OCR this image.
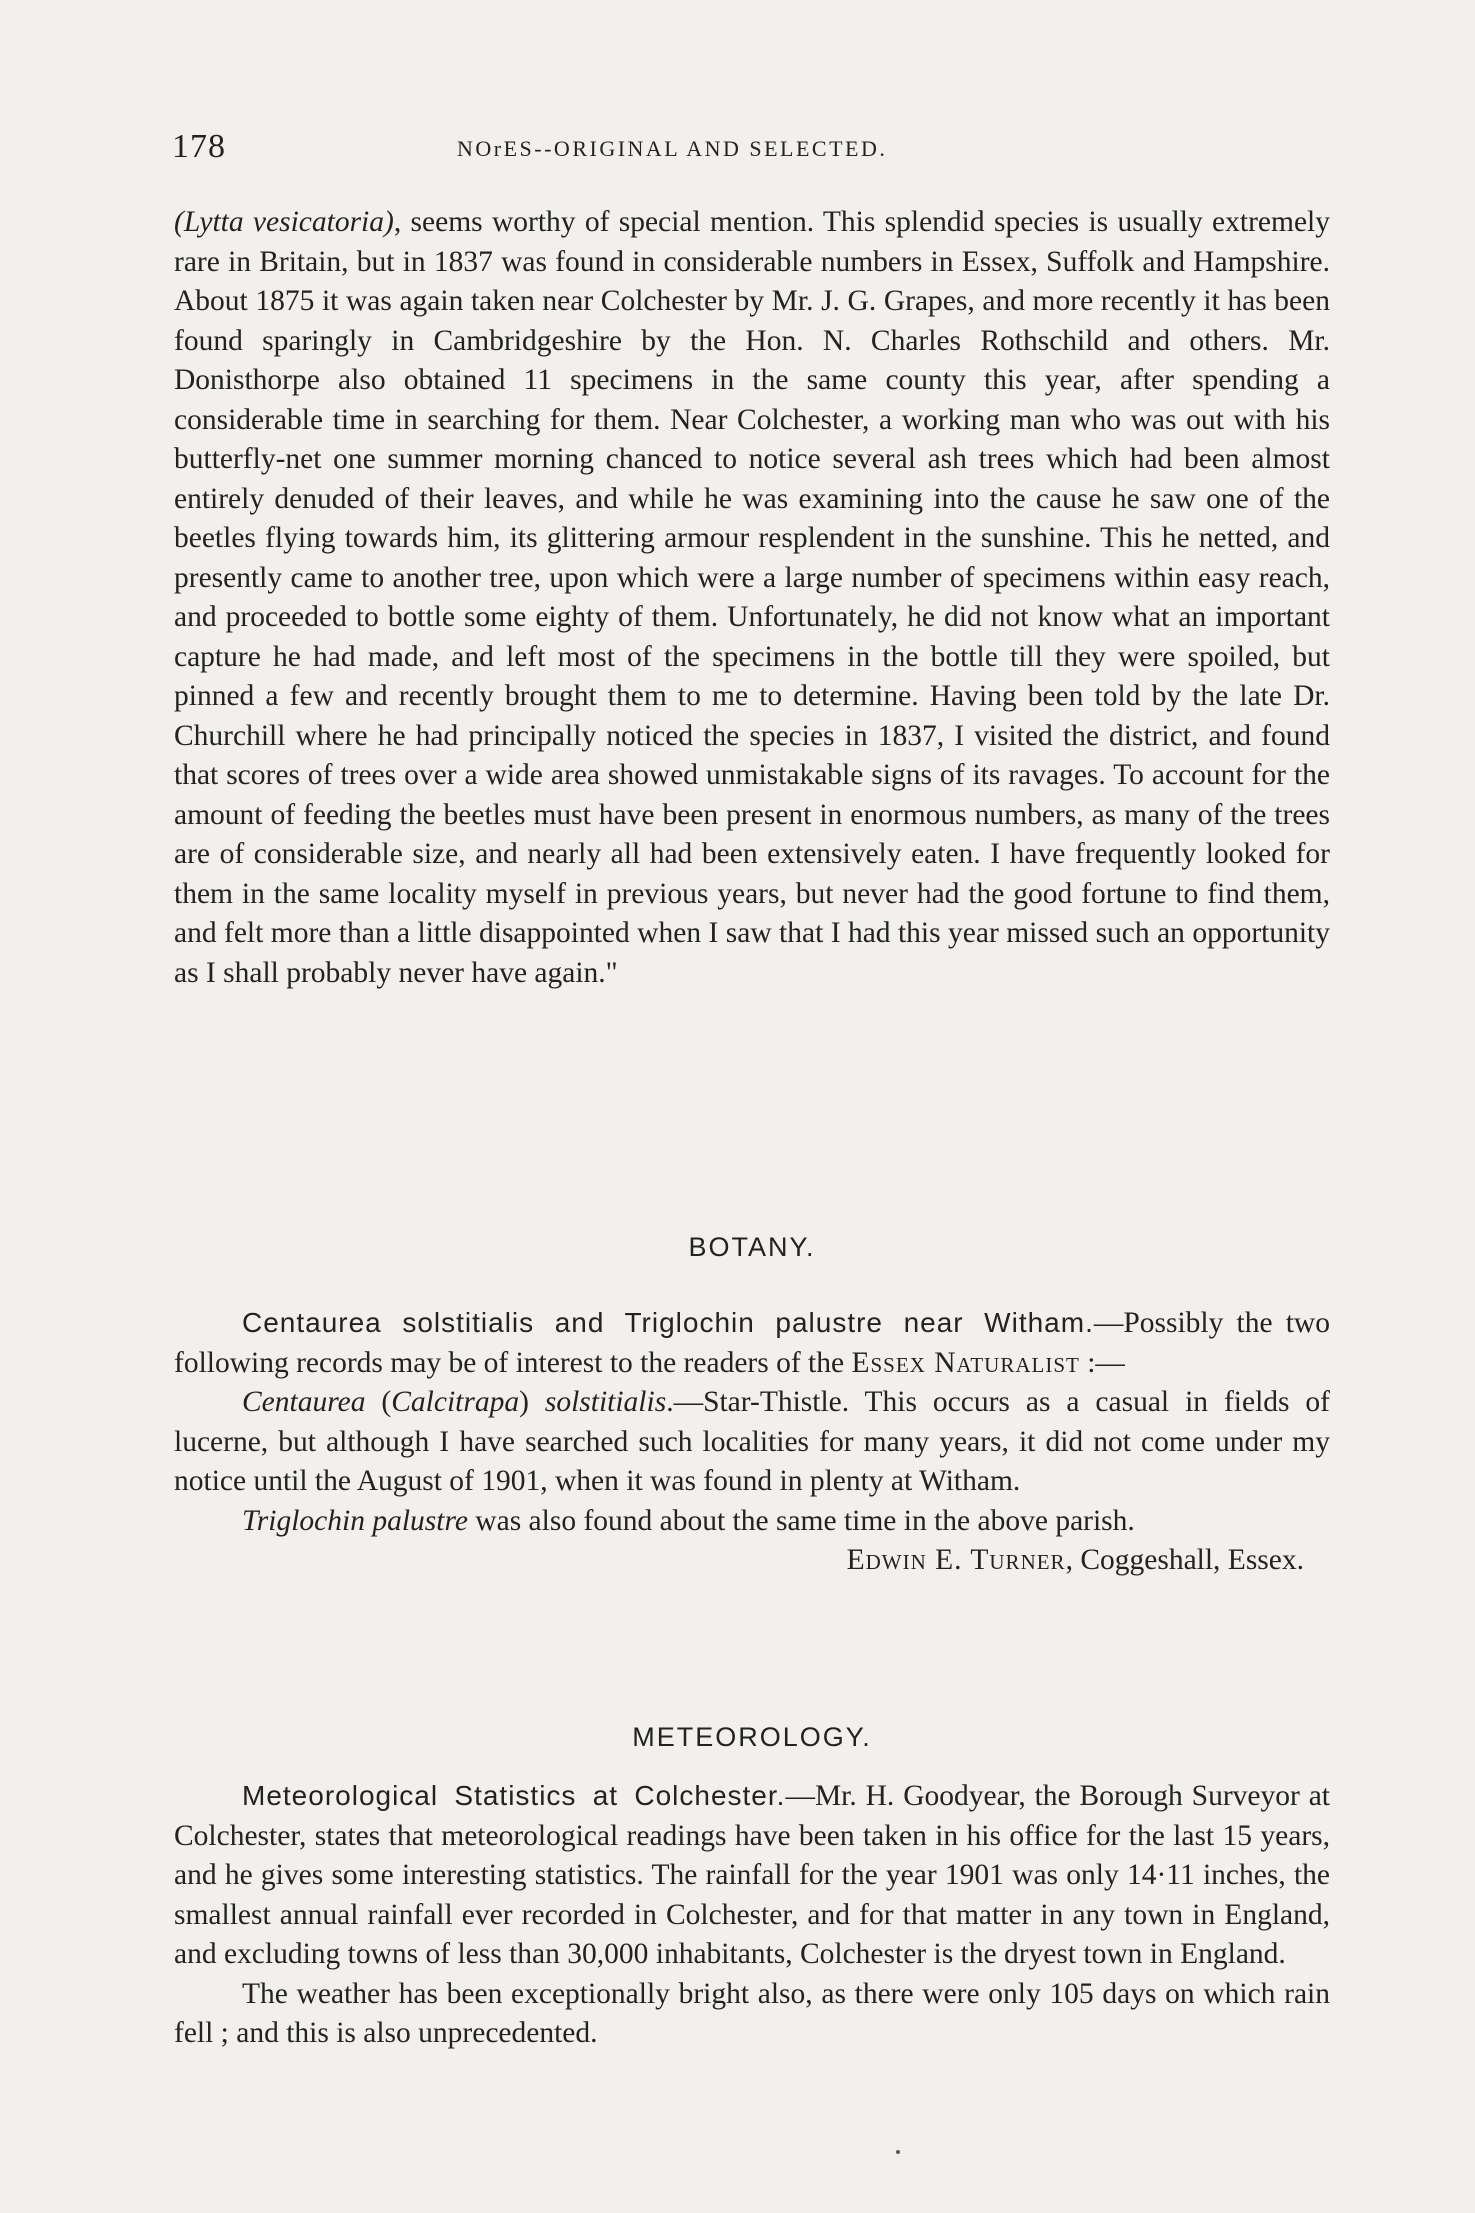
178	NOrES--ORIGINAL AND SELECTED.

(Lytta vesicatoria), seems worthy of special mention. This splendid species is usually extremely rare in Britain, but in 1837 was found in considerable numbers in Essex, Suffolk and Hampshire. About 1875 it was again taken near Colchester by Mr. J. G. Grapes, and more recently it has been found sparingly in Cambridgeshire by the Hon. N. Charles Rothschild and others. Mr. Donisthorpe also obtained 11 specimens in the same county this year, after spending a considerable time in searching for them. Near Colchester, a working man who was out with his butterfly-net one summer morning chanced to notice several ash trees which had been almost entirely denuded of their leaves, and while he was examining into the cause he saw one of the beetles flying towards him, its glittering armour resplendent in the sunshine. This he netted, and presently came to another tree, upon which were a large number of specimens within easy reach, and proceeded to bottle some eighty of them. Unfortunately, he did not know what an important capture he had made, and left most of the specimens in the bottle till they were spoiled, but pinned a few and recently brought them to me to determine. Having been told by the late Dr. Churchill where he had principally noticed the species in 1837, I visited the district, and found that scores of trees over a wide area showed unmistakable signs of its ravages. To account for the amount of feeding the beetles must have been present in enormous numbers, as many of the trees are of considerable size, and nearly all had been extensively eaten. I have frequently looked for them in the same locality myself in previous years, but never had the good fortune to find them, and felt more than a little disappointed when I saw that I had this year missed such an opportunity as I shall probably never have again."

BOTANY.

Centaurea solstitialis and Triglochin palustre near Witham.—Possibly the two following records may be of interest to the readers of the Essex Naturalist :—

Centaurea (Calcitrapa) solstitialis.—Star-Thistle. This occurs as a casual in fields of lucerne, but although I have searched such localities for many years, it did not come under my notice until the August of 1901, when it was found in plenty at Witham.

Triglochin palustre was also found about the same time in the above parish.

Edwin E. Turner, Coggeshall, Essex.

METEOROLOGY.

Meteorological Statistics at Colchester.—Mr. H. Goodyear, the Borough Surveyor at Colchester, states that meteorological readings have been taken in his office for the last 15 years, and he gives some interesting statistics. The rainfall for the year 1901 was only 14·11 inches, the smallest annual rainfall ever recorded in Colchester, and for that matter in any town in England, and excluding towns of less than 30,000 inhabitants, Colchester is the dryest town in England.

The weather has been exceptionally bright also, as there were only 105 days on which rain fell ; and this is also unprecedented.
